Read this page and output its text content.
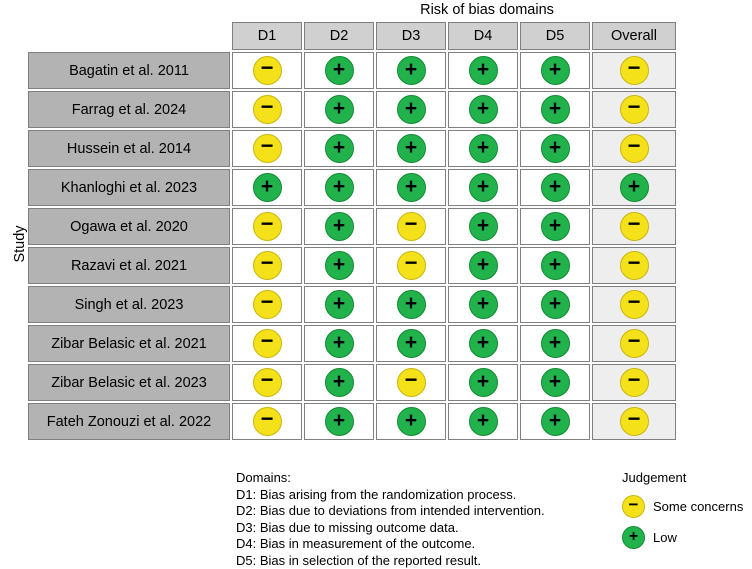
Risk of bias domains
Study
	D1	D2	D3	D4	D5	Overall
Bagatin et al. 2011	−	+	+	+	+	−

Farrag et al. 2024	−	+	+	+	+	−

Hussein et al. 2014	−	+	+	+	+	−

Khanloghi et al. 2023	+	+	+	+	+	+

Ogawa et al. 2020	−	+	−	+	+	−

Razavi et al. 2021	−	+	−	+	+	−

Singh et al. 2023	−	+	+	+	+	−

Zibar Belasic et al. 2021	−	+	+	+	+	−

Zibar Belasic et al. 2023	−	+	−	+	+	−

Fateh Zonouzi et al. 2022	−	+	+	+	+	−
Domains:
D1: Bias arising from the randomization process.
D2: Bias due to deviations from intended intervention.
D3: Bias due to missing outcome data.
D4: Bias in measurement of the outcome.
D5: Bias in selection of the reported result.
Judgement
−	Some concerns
+	Low
